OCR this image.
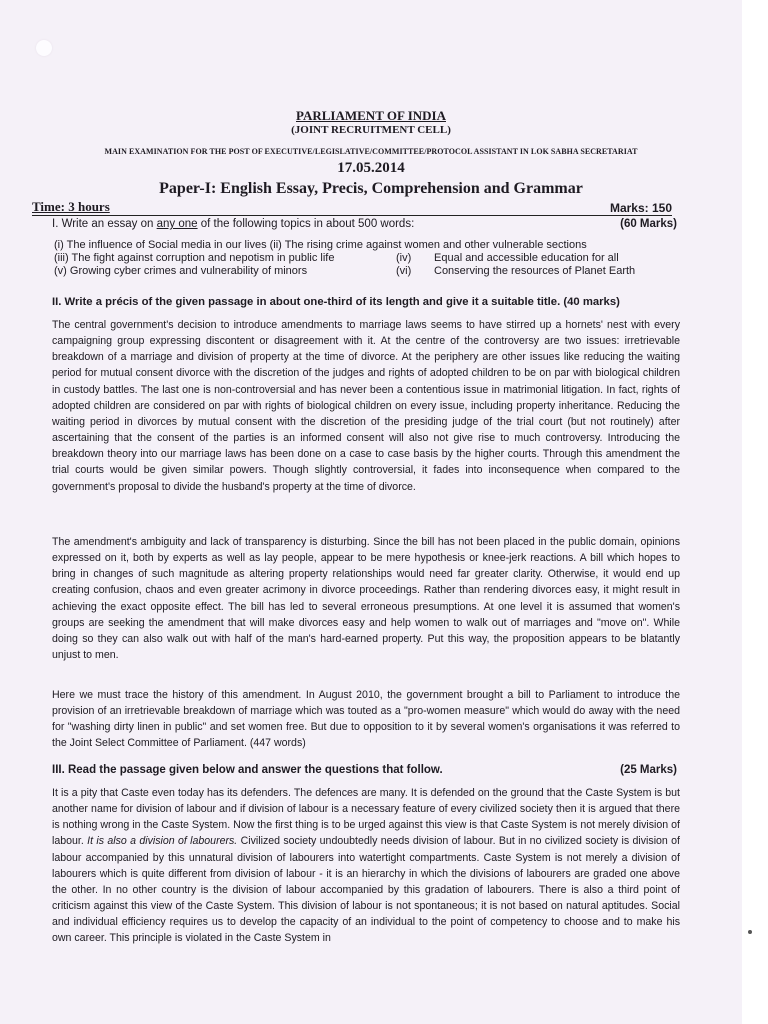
PARLIAMENT OF INDIA
(JOINT RECRUITMENT CELL)
MAIN EXAMINATION FOR THE POST OF EXECUTIVE/LEGISLATIVE/COMMITTEE/PROTOCOL ASSISTANT IN LOK SABHA SECRETARIAT
17.05.2014
Paper-I: English Essay, Precis, Comprehension and Grammar
Time: 3 hours	Marks: 150
I. Write an essay on any one of the following topics in about 500 words:	(60 Marks)
(i) The influence of Social media in our lives (ii) The rising crime against women and other vulnerable sections
(iii) The fight against corruption and nepotism in public life	(iv) Equal and accessible education for all
(v) Growing cyber crimes and vulnerability of minors	(vi) Conserving the resources of Planet Earth
II. Write a précis of the given passage in about one-third of its length and give it a suitable title. (40 marks)

The central government's decision to introduce amendments to marriage laws seems to have stirred up a hornets' nest with every campaigning group expressing discontent or disagreement with it. At the centre of the controversy are two issues: irretrievable breakdown of a marriage and division of property at the time of divorce. At the periphery are other issues like reducing the waiting period for mutual consent divorce with the discretion of the judges and rights of adopted children to be on par with biological children in custody battles. The last one is non-controversial and has never been a contentious issue in matrimonial litigation. In fact, rights of adopted children are considered on par with rights of biological children on every issue, including property inheritance. Reducing the waiting period in divorces by mutual consent with the discretion of the presiding judge of the trial court (but not routinely) after ascertaining that the consent of the parties is an informed consent will also not give rise to much controversy. Introducing the breakdown theory into our marriage laws has been done on a case to case basis by the higher courts. Through this amendment the trial courts would be given similar powers. Though slightly controversial, it fades into inconsequence when compared to the government's proposal to divide the husband's property at the time of divorce.

The amendment's ambiguity and lack of transparency is disturbing. Since the bill has not been placed in the public domain, opinions expressed on it, both by experts as well as lay people, appear to be mere hypothesis or knee-jerk reactions. A bill which hopes to bring in changes of such magnitude as altering property relationships would need far greater clarity. Otherwise, it would end up creating confusion, chaos and even greater acrimony in divorce proceedings. Rather than rendering divorces easy, it might result in achieving the exact opposite effect. The bill has led to several erroneous presumptions. At one level it is assumed that women's groups are seeking the amendment that will make divorces easy and help women to walk out of marriages and "move on". While doing so they can also walk out with half of the man's hard-earned property. Put this way, the proposition appears to be blatantly unjust to men.

Here we must trace the history of this amendment. In August 2010, the government brought a bill to Parliament to introduce the provision of an irretrievable breakdown of marriage which was touted as a "pro-women measure" which would do away with the need for "washing dirty linen in public" and set women free. But due to opposition to it by several women's organisations it was referred to the Joint Select Committee of Parliament. (447 words)

III. Read the passage given below and answer the questions that follow.	(25 Marks)

It is a pity that Caste even today has its defenders. The defences are many. It is defended on the ground that the Caste System is but another name for division of labour and if division of labour is a necessary feature of every civilized society then it is argued that there is nothing wrong in the Caste System. Now the first thing is to be urged against this view is that Caste System is not merely division of labour. It is also a division of labourers. Civilized society undoubtedly needs division of labour. But in no civilized society is division of labour accompanied by this unnatural division of labourers into watertight compartments. Caste System is not merely a division of labourers which is quite different from division of labour - it is an hierarchy in which the divisions of labourers are graded one above the other. In no other country is the division of labour accompanied by this gradation of labourers. There is also a third point of criticism against this view of the Caste System. This division of labour is not spontaneous; it is not based on natural aptitudes. Social and individual efficiency requires us to develop the capacity of an individual to the point of competency to choose and to make his own career. This principle is violated in the Caste System in
